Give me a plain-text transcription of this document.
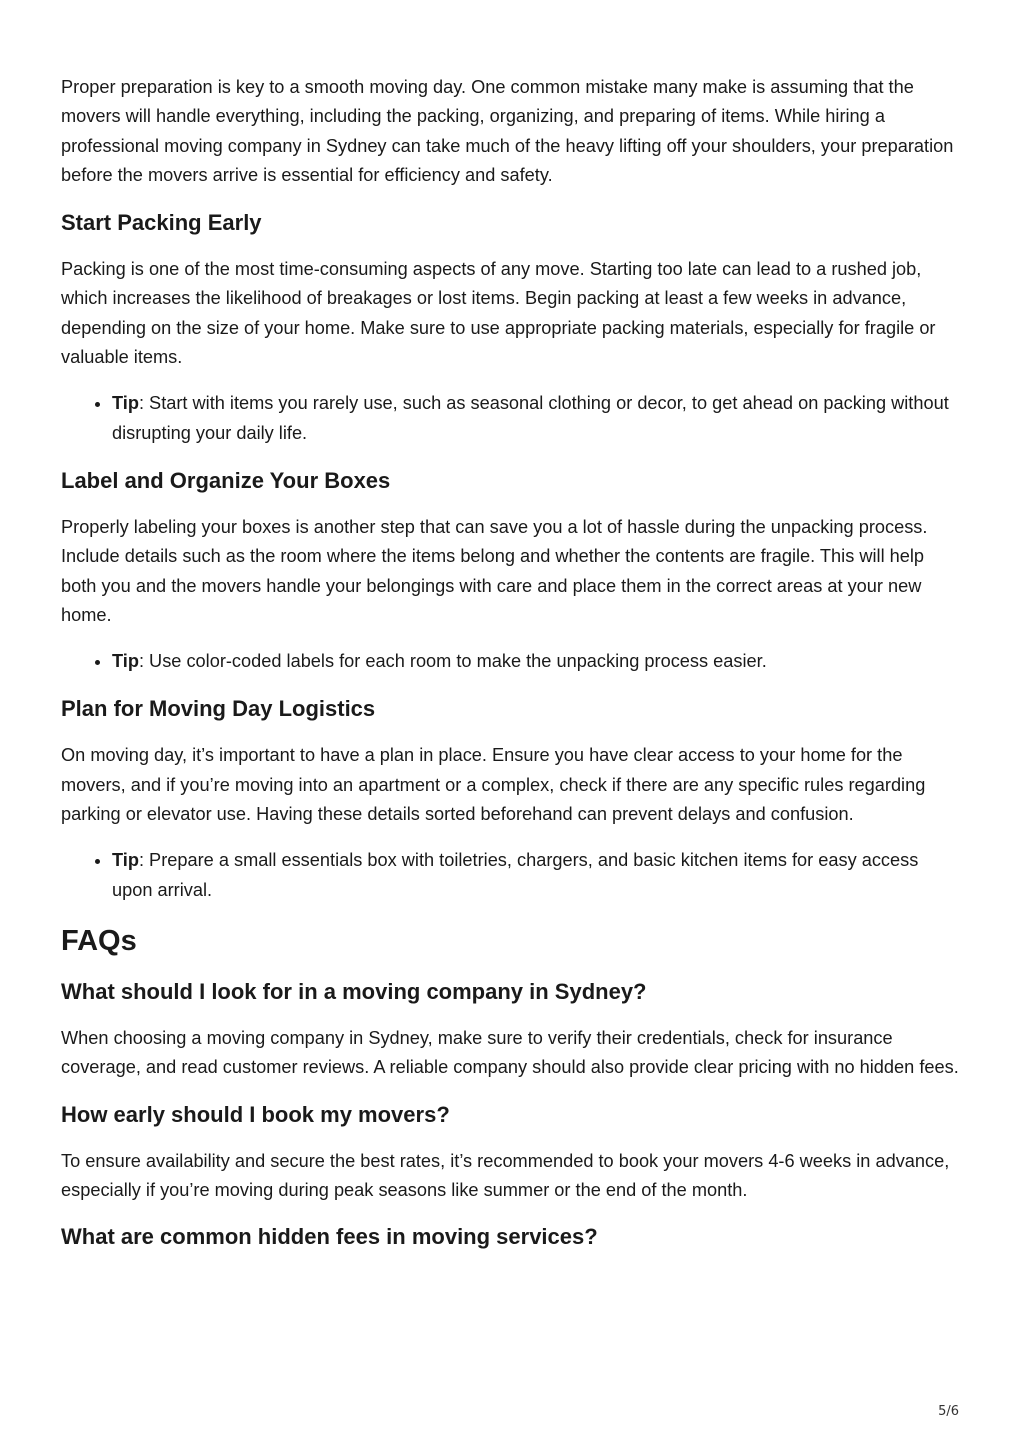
Proper preparation is key to a smooth moving day. One common mistake many make is assuming that the movers will handle everything, including the packing, organizing, and preparing of items. While hiring a professional moving company in Sydney can take much of the heavy lifting off your shoulders, your preparation before the movers arrive is essential for efficiency and safety.

Start Packing Early

Packing is one of the most time-consuming aspects of any move. Starting too late can lead to a rushed job, which increases the likelihood of breakages or lost items. Begin packing at least a few weeks in advance, depending on the size of your home. Make sure to use appropriate packing materials, especially for fragile or valuable items.

• Tip: Start with items you rarely use, such as seasonal clothing or decor, to get ahead on packing without disrupting your daily life.
Label and Organize Your Boxes

Properly labeling your boxes is another step that can save you a lot of hassle during the unpacking process. Include details such as the room where the items belong and whether the contents are fragile. This will help both you and the movers handle your belongings with care and place them in the correct areas at your new home.

• Tip: Use color-coded labels for each room to make the unpacking process easier.
Plan for Moving Day Logistics

On moving day, it’s important to have a plan in place. Ensure you have clear access to your home for the movers, and if you’re moving into an apartment or a complex, check if there are any specific rules regarding parking or elevator use. Having these details sorted beforehand can prevent delays and confusion.

• Tip: Prepare a small essentials box with toiletries, chargers, and basic kitchen items for easy access upon arrival.
FAQs
What should I look for in a moving company in Sydney?

When choosing a moving company in Sydney, make sure to verify their credentials, check for insurance coverage, and read customer reviews. A reliable company should also provide clear pricing with no hidden fees.

How early should I book my movers?

To ensure availability and secure the best rates, it’s recommended to book your movers 4-6 weeks in advance, especially if you’re moving during peak seasons like summer or the end of the month.

What are common hidden fees in moving services?
5/6
